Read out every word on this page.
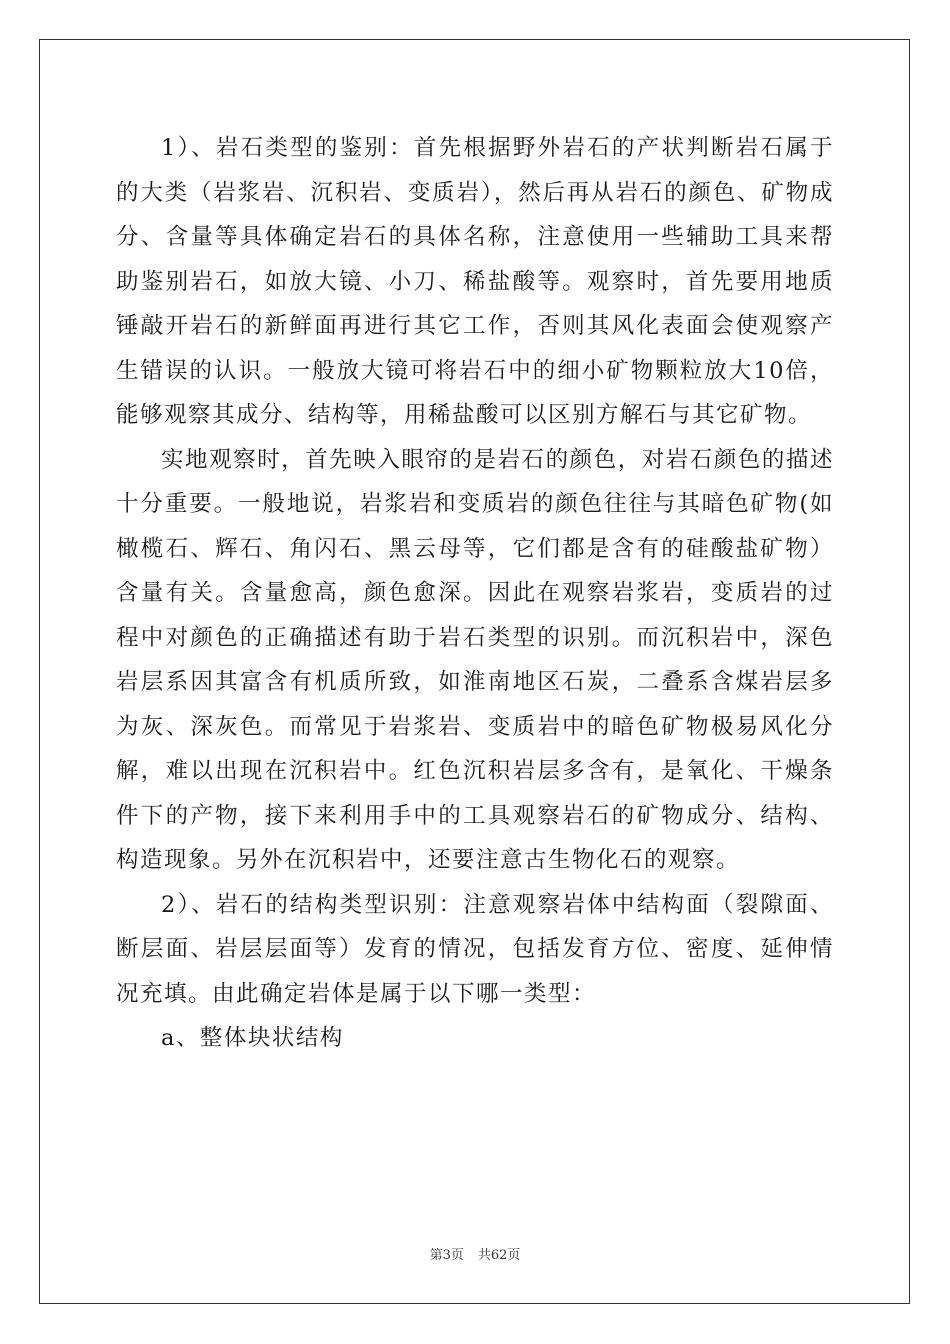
1）、岩石类型的鉴别：首先根据野外岩石的产状判断岩石属于的大类（岩浆岩、沉积岩、变质岩），然后再从岩石的颜色、矿物成分、含量等具体确定岩石的具体名称，注意使用一些辅助工具来帮助鉴别岩石，如放大镜、小刀、稀盐酸等。观察时，首先要用地质锤敲开岩石的新鲜面再进行其它工作，否则其风化表面会使观察产生错误的认识。一般放大镜可将岩石中的细小矿物颗粒放大10倍，能够观察其成分、结构等，用稀盐酸可以区别方解石与其它矿物。

实地观察时，首先映入眼帘的是岩石的颜色，对岩石颜色的描述十分重要。一般地说，岩浆岩和变质岩的颜色往往与其暗色矿物(如橄榄石、辉石、角闪石、黑云母等，它们都是含有的硅酸盐矿物）含量有关。含量愈高，颜色愈深。因此在观察岩浆岩，变质岩的过程中对颜色的正确描述有助于岩石类型的识别。而沉积岩中，深色岩层系因其富含有机质所致，如淮南地区石炭，二叠系含煤岩层多为灰、深灰色。而常见于岩浆岩、变质岩中的暗色矿物极易风化分解，难以出现在沉积岩中。红色沉积岩层多含有，是氧化、干燥条件下的产物，接下来利用手中的工具观察岩石的矿物成分、结构、构造现象。另外在沉积岩中，还要注意古生物化石的观察。

2）、岩石的结构类型识别：注意观察岩体中结构面（裂隙面、断层面、岩层层面等）发育的情况，包括发育方位、密度、延伸情况充填。由此确定岩体是属于以下哪一类型：

a、整体块状结构

第3页 共62页
